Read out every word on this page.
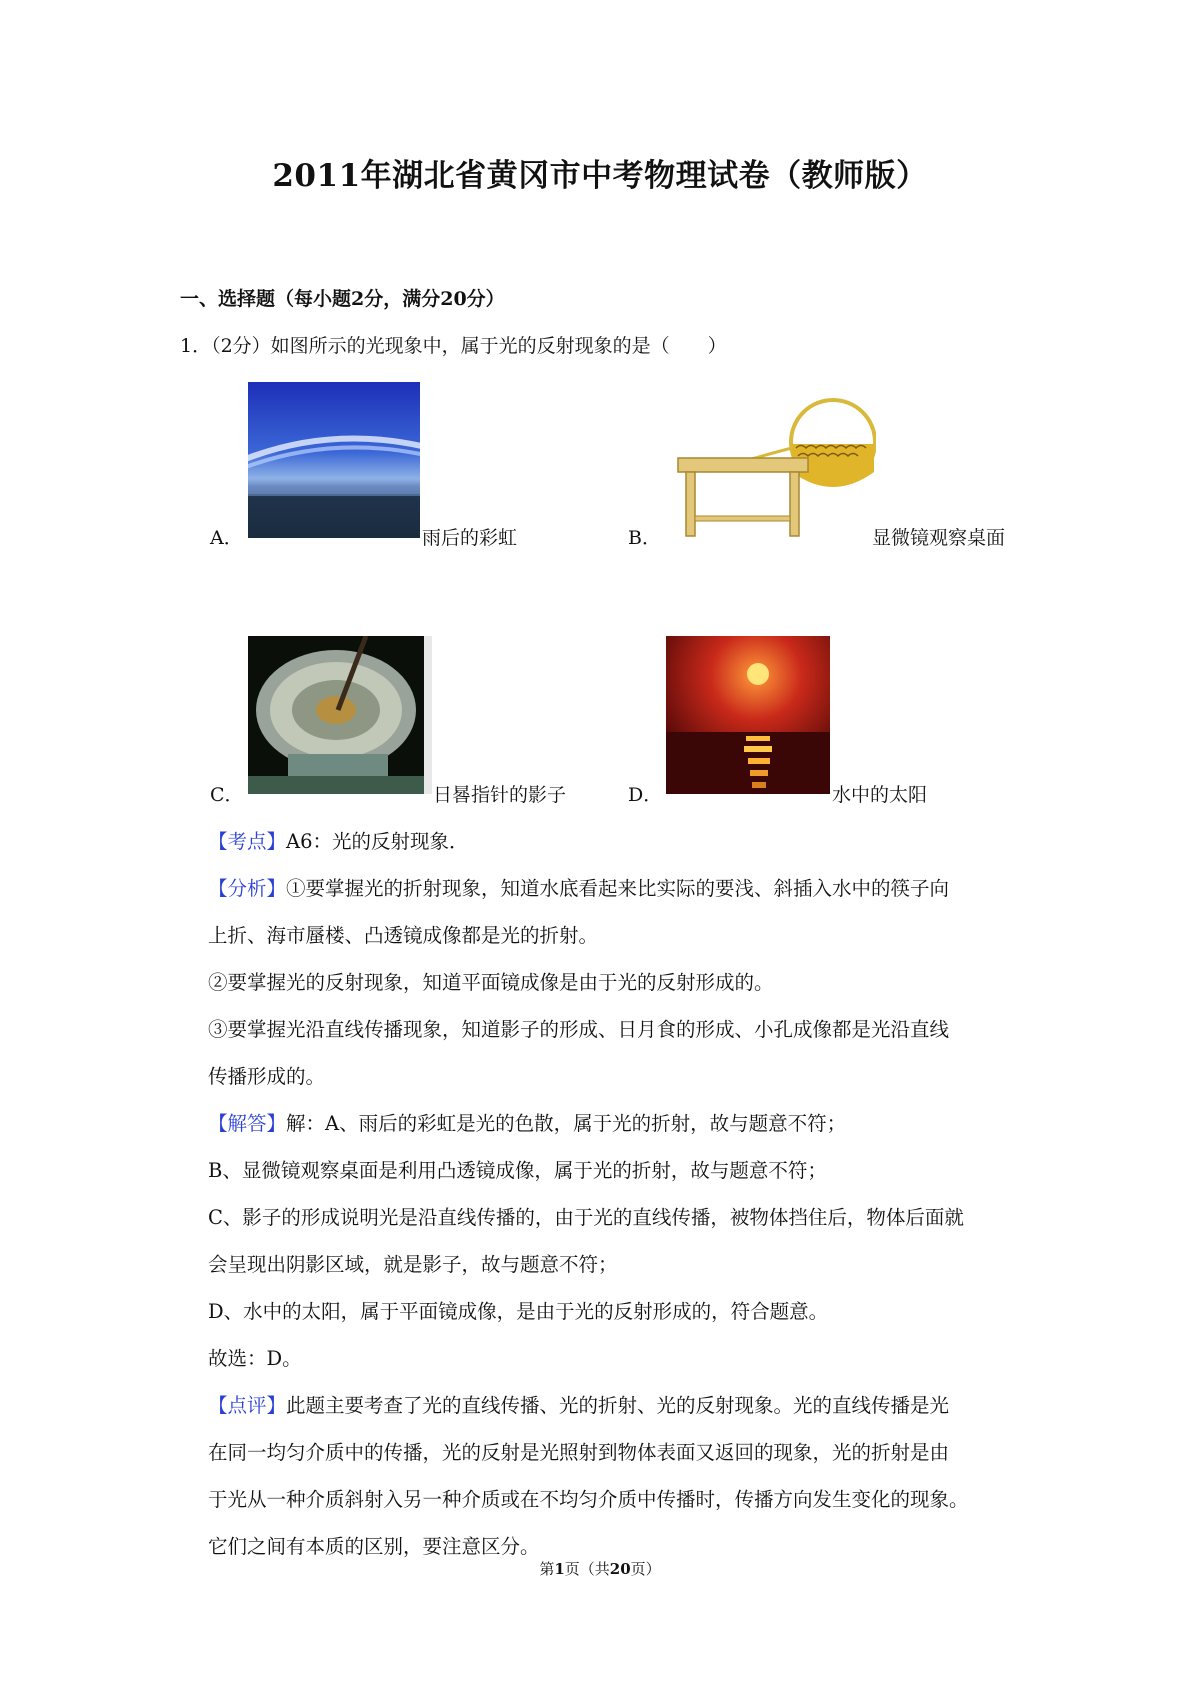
2011年湖北省黄冈市中考物理试卷（教师版）
一、选择题（每小题2分，满分20分）
1．（2分）如图所示的光现象中，属于光的反射现象的是（　　）
A．	雨后的彩虹	B．	显微镜观察桌面
C．	日晷指针的影子	D．	水中的太阳
【考点】A6：光的反射现象．
【分析】①要掌握光的折射现象，知道水底看起来比实际的要浅、斜插入水中的筷子向
上折、海市蜃楼、凸透镜成像都是光的折射。
②要掌握光的反射现象，知道平面镜成像是由于光的反射形成的。
③要掌握光沿直线传播现象，知道影子的形成、日月食的形成、小孔成像都是光沿直线
传播形成的。
【解答】解：A、雨后的彩虹是光的色散，属于光的折射，故与题意不符；
B、显微镜观察桌面是利用凸透镜成像，属于光的折射，故与题意不符；
C、影子的形成说明光是沿直线传播的，由于光的直线传播，被物体挡住后，物体后面就
会呈现出阴影区域，就是影子，故与题意不符；
D、水中的太阳，属于平面镜成像，是由于光的反射形成的，符合题意。
故选：D。
【点评】此题主要考查了光的直线传播、光的折射、光的反射现象。光的直线传播是光
在同一均匀介质中的传播，光的反射是光照射到物体表面又返回的现象，光的折射是由
于光从一种介质斜射入另一种介质或在不均匀介质中传播时，传播方向发生变化的现象。
它们之间有本质的区别，要注意区分。
第1页（共20页）
